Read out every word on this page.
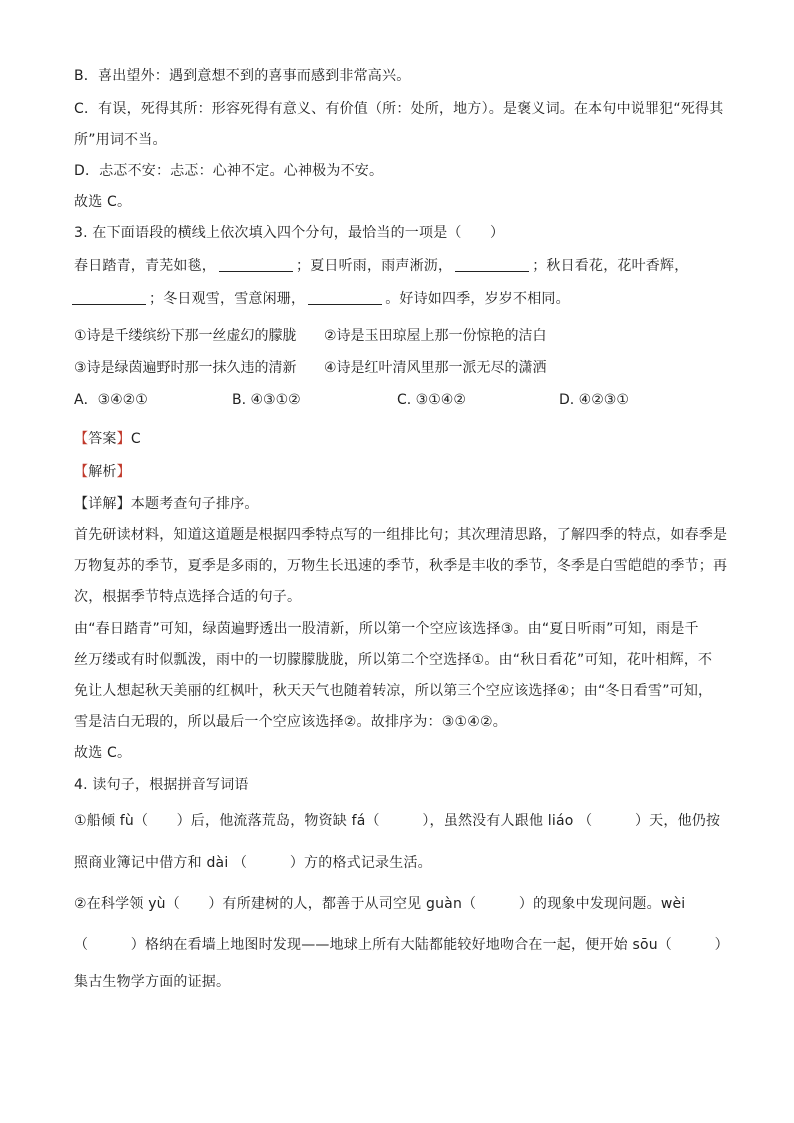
B．喜出望外：遇到意想不到的喜事而感到非常高兴。
C．有误，死得其所：形容死得有意义、有价值（所：处所，地方）。是褒义词。在本句中说罪犯“死得其
所”用词不当。
D．忐忑不安：忐忑：心神不定。心神极为不安。
故选 C。
3. 在下面语段的横线上依次填入四个分句，最恰当的一项是（　　）
春日踏青，青芜如毯，	；夏日听雨，雨声淅沥，	；秋日看花，花叶香辉，
；冬日观雪，雪意闲珊，	。好诗如四季，岁岁不相同。
①诗是千缕缤纷下那一丝虚幻的朦胧 ②诗是玉田琼屋上那一份惊艳的洁白
③诗是绿茵遍野时那一抹久违的清新 ④诗是红叶清风里那一派无尽的潇洒
A．③④②①	B. ④③①②	C. ③①④②	D. ④②③①
【答案】C
【解析】
【详解】本题考查句子排序。
首先研读材料，知道这道题是根据四季特点写的一组排比句；其次理清思路，了解四季的特点，如春季是
万物复苏的季节，夏季是多雨的，万物生长迅速的季节，秋季是丰收的季节，冬季是白雪皑皑的季节；再
次，根据季节特点选择合适的句子。
由“春日踏青”可知，绿茵遍野透出一股清新，所以第一个空应该选择③。由“夏日听雨”可知，雨是千
丝万缕或有时似瓢泼，雨中的一切朦朦胧胧，所以第二个空选择①。由“秋日看花”可知，花叶相辉，不
免让人想起秋天美丽的红枫叶，秋天天气也随着转凉，所以第三个空应该选择④；由“冬日看雪”可知，
雪是洁白无瑕的，所以最后一个空应该选择②。故排序为：③①④②。
故选 C。
4. 读句子，根据拼音写词语
①船倾 fù（　　）后，他流落荒岛，物资缺 fá（　　　），虽然没有人跟他 liáo （　　　）天，他仍按
照商业簿记中借方和 dài （　　　）方的格式记录生活。
②在科学领 yù（　　）有所建树的人，都善于从司空见 guàn（　　　）的现象中发现问题。wèi
（　　　）格纳在看墙上地图时发现——地球上所有大陆都能较好地吻合在一起，便开始 sōu（　　　）
集古生物学方面的证据。
